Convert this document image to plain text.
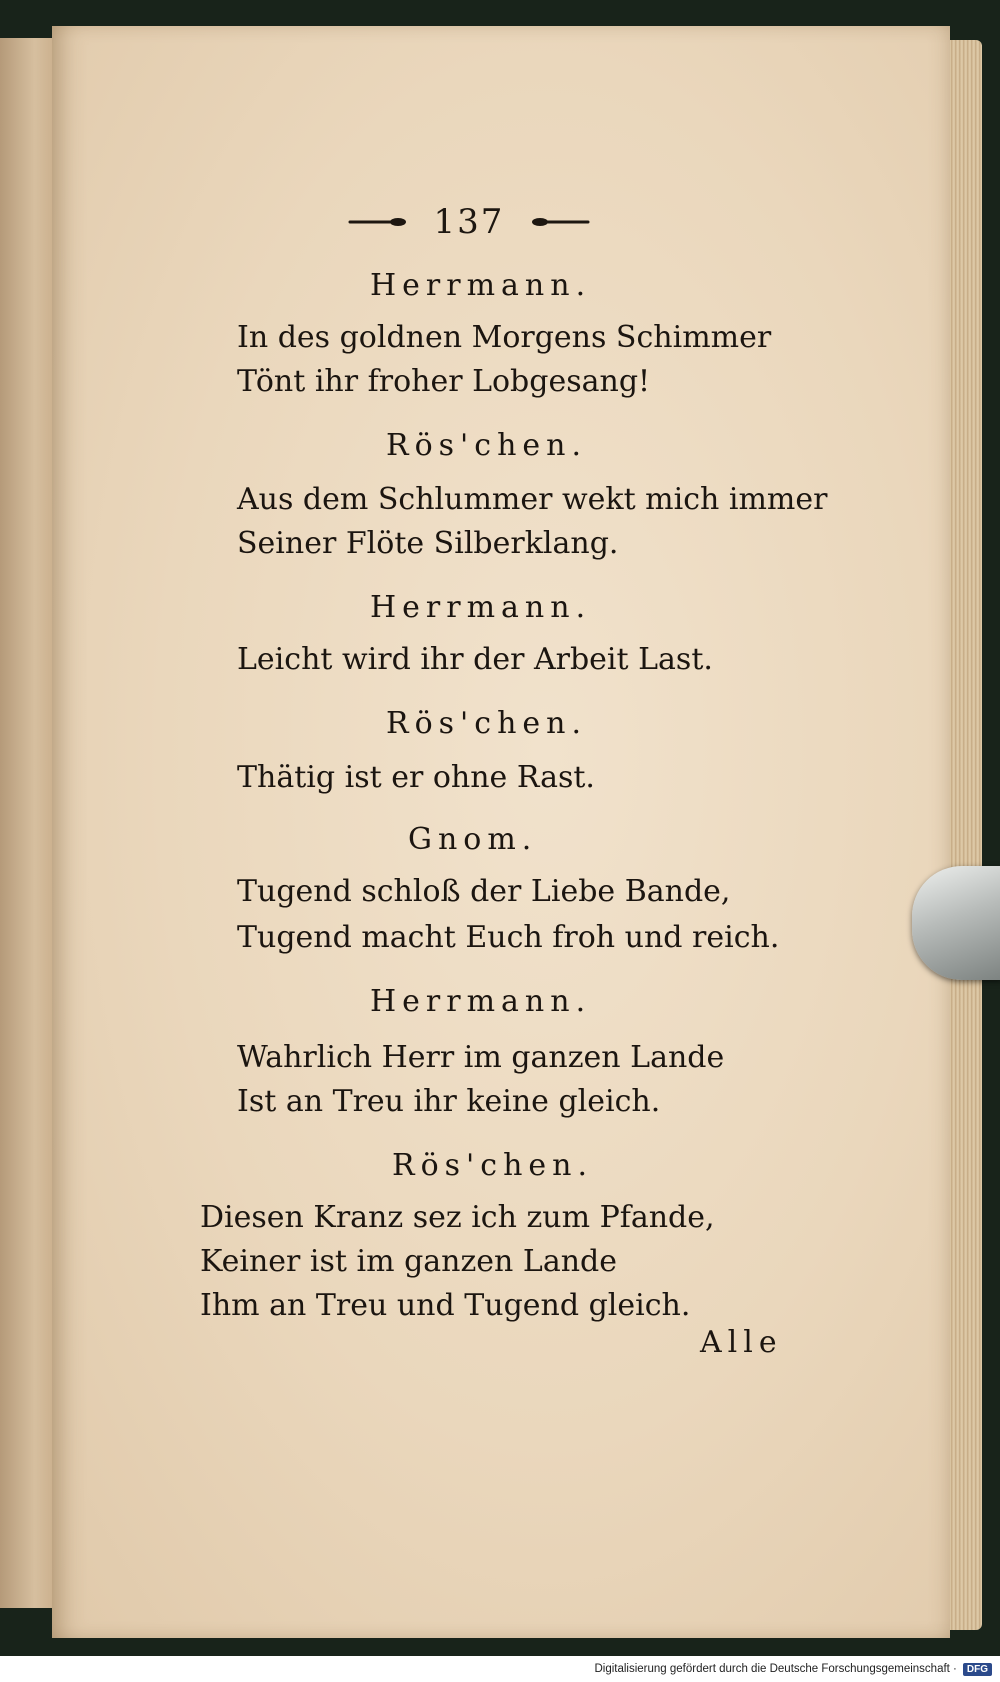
137

Herrmann.

In des goldnen Morgens Schimmer

Tönt ihr froher Lobgesang!

Rös'chen.

Aus dem Schlummer wekt mich immer

Seiner Flöte Silberklang.

Herrmann.

Leicht wird ihr der Arbeit Last.

Rös'chen.

Thätig ist er ohne Rast.

Gnom.

Tugend schloß der Liebe Bande,

Tugend macht Euch froh und reich.

Herrmann.

Wahrlich Herr im ganzen Lande

Ist an Treu ihr keine gleich.

Rös'chen.

Diesen Kranz sez ich zum Pfande,

Keiner ist im ganzen Lande

Ihm an Treu und Tugend gleich.

Alle

Digitalisierung gefördert durch die Deutsche Forschungsgemeinschaft ·	DFG
